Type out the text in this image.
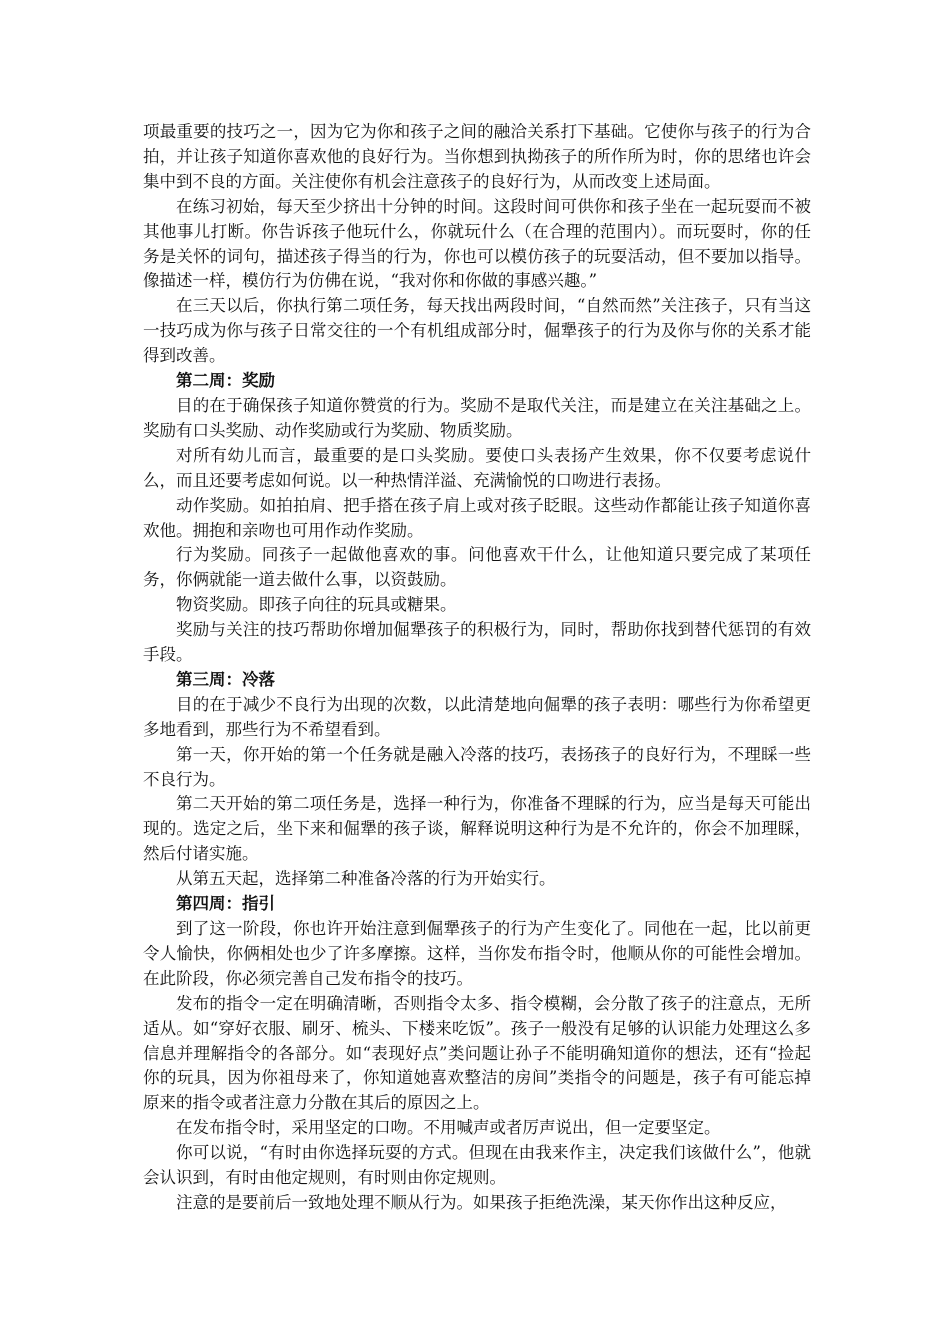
项最重要的技巧之一，因为它为你和孩子之间的融洽关系打下基础。它使你与孩子的行为合拍，并让孩子知道你喜欢他的良好行为。当你想到执拗孩子的所作所为时，你的思绪也许会集中到不良的方面。关注使你有机会注意孩子的良好行为，从而改变上述局面。

在练习初始，每天至少挤出十分钟的时间。这段时间可供你和孩子坐在一起玩耍而不被其他事儿打断。你告诉孩子他玩什么，你就玩什么（在合理的范围内）。而玩耍时，你的任务是关怀的词句，描述孩子得当的行为，你也可以模仿孩子的玩耍活动，但不要加以指导。像描述一样，模仿行为仿佛在说，“我对你和你做的事感兴趣。”

在三天以后，你执行第二项任务，每天找出两段时间，“自然而然”关注孩子，只有当这一技巧成为你与孩子日常交往的一个有机组成部分时，倔犟孩子的行为及你与你的关系才能得到改善。

第二周：奖励

目的在于确保孩子知道你赞赏的行为。奖励不是取代关注，而是建立在关注基础之上。奖励有口头奖励、动作奖励或行为奖励、物质奖励。

对所有幼儿而言，最重要的是口头奖励。要使口头表扬产生效果，你不仅要考虑说什么，而且还要考虑如何说。以一种热情洋溢、充满愉悦的口吻进行表扬。

动作奖励。如拍拍肩、把手搭在孩子肩上或对孩子眨眼。这些动作都能让孩子知道你喜欢他。拥抱和亲吻也可用作动作奖励。

行为奖励。同孩子一起做他喜欢的事。问他喜欢干什么，让他知道只要完成了某项任务，你俩就能一道去做什么事，以资鼓励。

物资奖励。即孩子向往的玩具或糖果。

奖励与关注的技巧帮助你增加倔犟孩子的积极行为，同时，帮助你找到替代惩罚的有效手段。

第三周：冷落

目的在于减少不良行为出现的次数，以此清楚地向倔犟的孩子表明：哪些行为你希望更多地看到，那些行为不希望看到。

第一天，你开始的第一个任务就是融入冷落的技巧，表扬孩子的良好行为，不理睬一些不良行为。

第二天开始的第二项任务是，选择一种行为，你准备不理睬的行为，应当是每天可能出现的。选定之后，坐下来和倔犟的孩子谈，解释说明这种行为是不允许的，你会不加理睬，然后付诸实施。

从第五天起，选择第二种准备冷落的行为开始实行。

第四周：指引

到了这一阶段，你也许开始注意到倔犟孩子的行为产生变化了。同他在一起，比以前更令人愉快，你俩相处也少了许多摩擦。这样，当你发布指令时，他顺从你的可能性会增加。在此阶段，你必须完善自己发布指令的技巧。

发布的指令一定在明确清晰，否则指令太多、指令模糊，会分散了孩子的注意点，无所适从。如“穿好衣服、刷牙、梳头、下楼来吃饭”。孩子一般没有足够的认识能力处理这么多信息并理解指令的各部分。如“表现好点”类问题让孙子不能明确知道你的想法，还有“捡起你的玩具，因为你祖母来了，你知道她喜欢整洁的房间”类指令的问题是，孩子有可能忘掉原来的指令或者注意力分散在其后的原因之上。

在发布指令时，采用坚定的口吻。不用喊声或者厉声说出，但一定要坚定。

你可以说，“有时由你选择玩耍的方式。但现在由我来作主，决定我们该做什么”，他就会认识到，有时由他定规则，有时则由你定规则。

注意的是要前后一致地处理不顺从行为。如果孩子拒绝洗澡，某天你作出这种反应，
